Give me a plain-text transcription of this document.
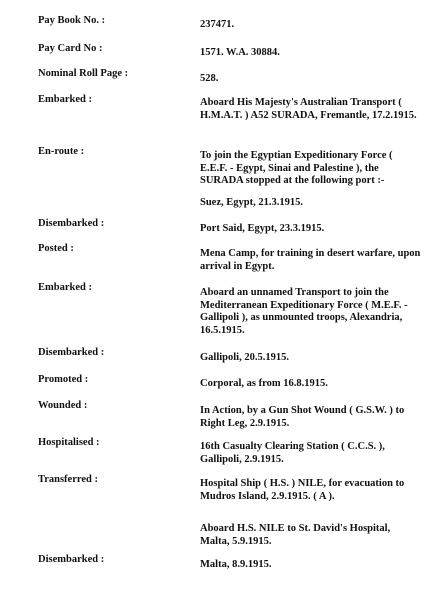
Pay Book No. :	237471.
Pay Card No :	1571. W.A. 30884.
Nominal Roll Page :	528.
Embarked :	Aboard His Majesty's Australian Transport ( H.M.A.T. ) A52 SURADA, Fremantle, 17.2.1915.
En-route :	To join the Egyptian Expeditionary Force ( E.E.F. - Egypt, Sinai and Palestine ), the SURADA stopped at the following port :-
Suez, Egypt, 21.3.1915.
Disembarked :	Port Said, Egypt, 23.3.1915.
Posted :	Mena Camp, for training in desert warfare, upon arrival in Egypt.
Embarked :	Aboard an unnamed Transport to join the Mediterranean Expeditionary Force ( M.E.F. - Gallipoli ), as unmounted troops, Alexandria, 16.5.1915.
Disembarked :	Gallipoli, 20.5.1915.
Promoted :	Corporal, as from 16.8.1915.
Wounded :	In Action, by a Gun Shot Wound ( G.S.W. ) to Right Leg, 2.9.1915.
Hospitalised :	16th Casualty Clearing Station ( C.C.S. ), Gallipoli, 2.9.1915.
Transferred :	Hospital Ship ( H.S. ) NILE, for evacuation to Mudros Island, 2.9.1915. ( A ).
Aboard H.S. NILE to St. David's Hospital, Malta, 5.9.1915.
Disembarked :	Malta, 8.9.1915.
